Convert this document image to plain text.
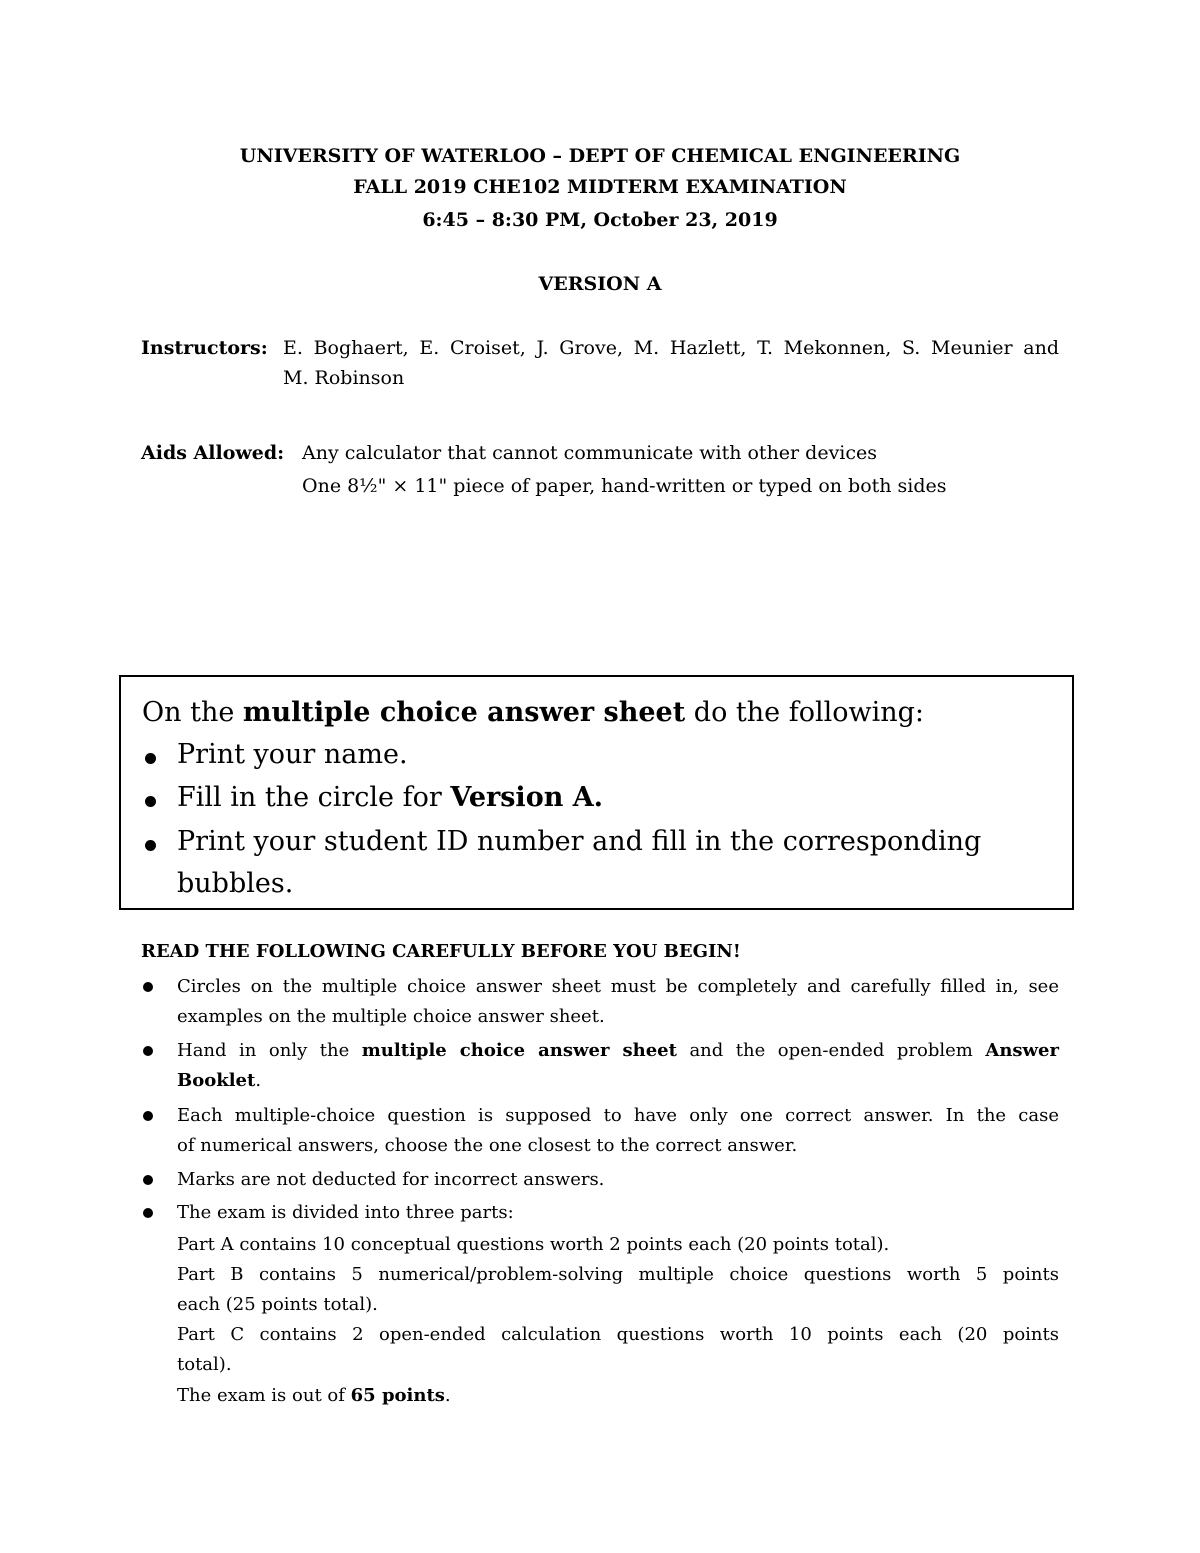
UNIVERSITY OF WATERLOO – DEPT OF CHEMICAL ENGINEERING
FALL 2019 CHE102 MIDTERM EXAMINATION
6:45 – 8:30 PM, October 23, 2019
VERSION A
Instructors: E. Boghaert, E. Croiset, J. Grove, M. Hazlett, T. Mekonnen, S. Meunier and
M. Robinson
Aids Allowed: Any calculator that cannot communicate with other devices
One 8½" × 11" piece of paper, hand-written or typed on both sides
On the multiple choice answer sheet do the following:
Print your name.
Fill in the circle for Version A.
Print your student ID number and fill in the corresponding
bubbles.
READ THE FOLLOWING CAREFULLY BEFORE YOU BEGIN!
Circles on the multiple choice answer sheet must be completely and carefully filled in, see
examples on the multiple choice answer sheet.
Hand in only the multiple choice answer sheet and the open-ended problem Answer
Booklet.
Each multiple-choice question is supposed to have only one correct answer. In the case
of numerical answers, choose the one closest to the correct answer.
Marks are not deducted for incorrect answers.
The exam is divided into three parts:
Part A contains 10 conceptual questions worth 2 points each (20 points total).
Part B contains 5 numerical/problem-solving multiple choice questions worth 5 points
each (25 points total).
Part C contains 2 open-ended calculation questions worth 10 points each (20 points
total).
The exam is out of 65 points.
